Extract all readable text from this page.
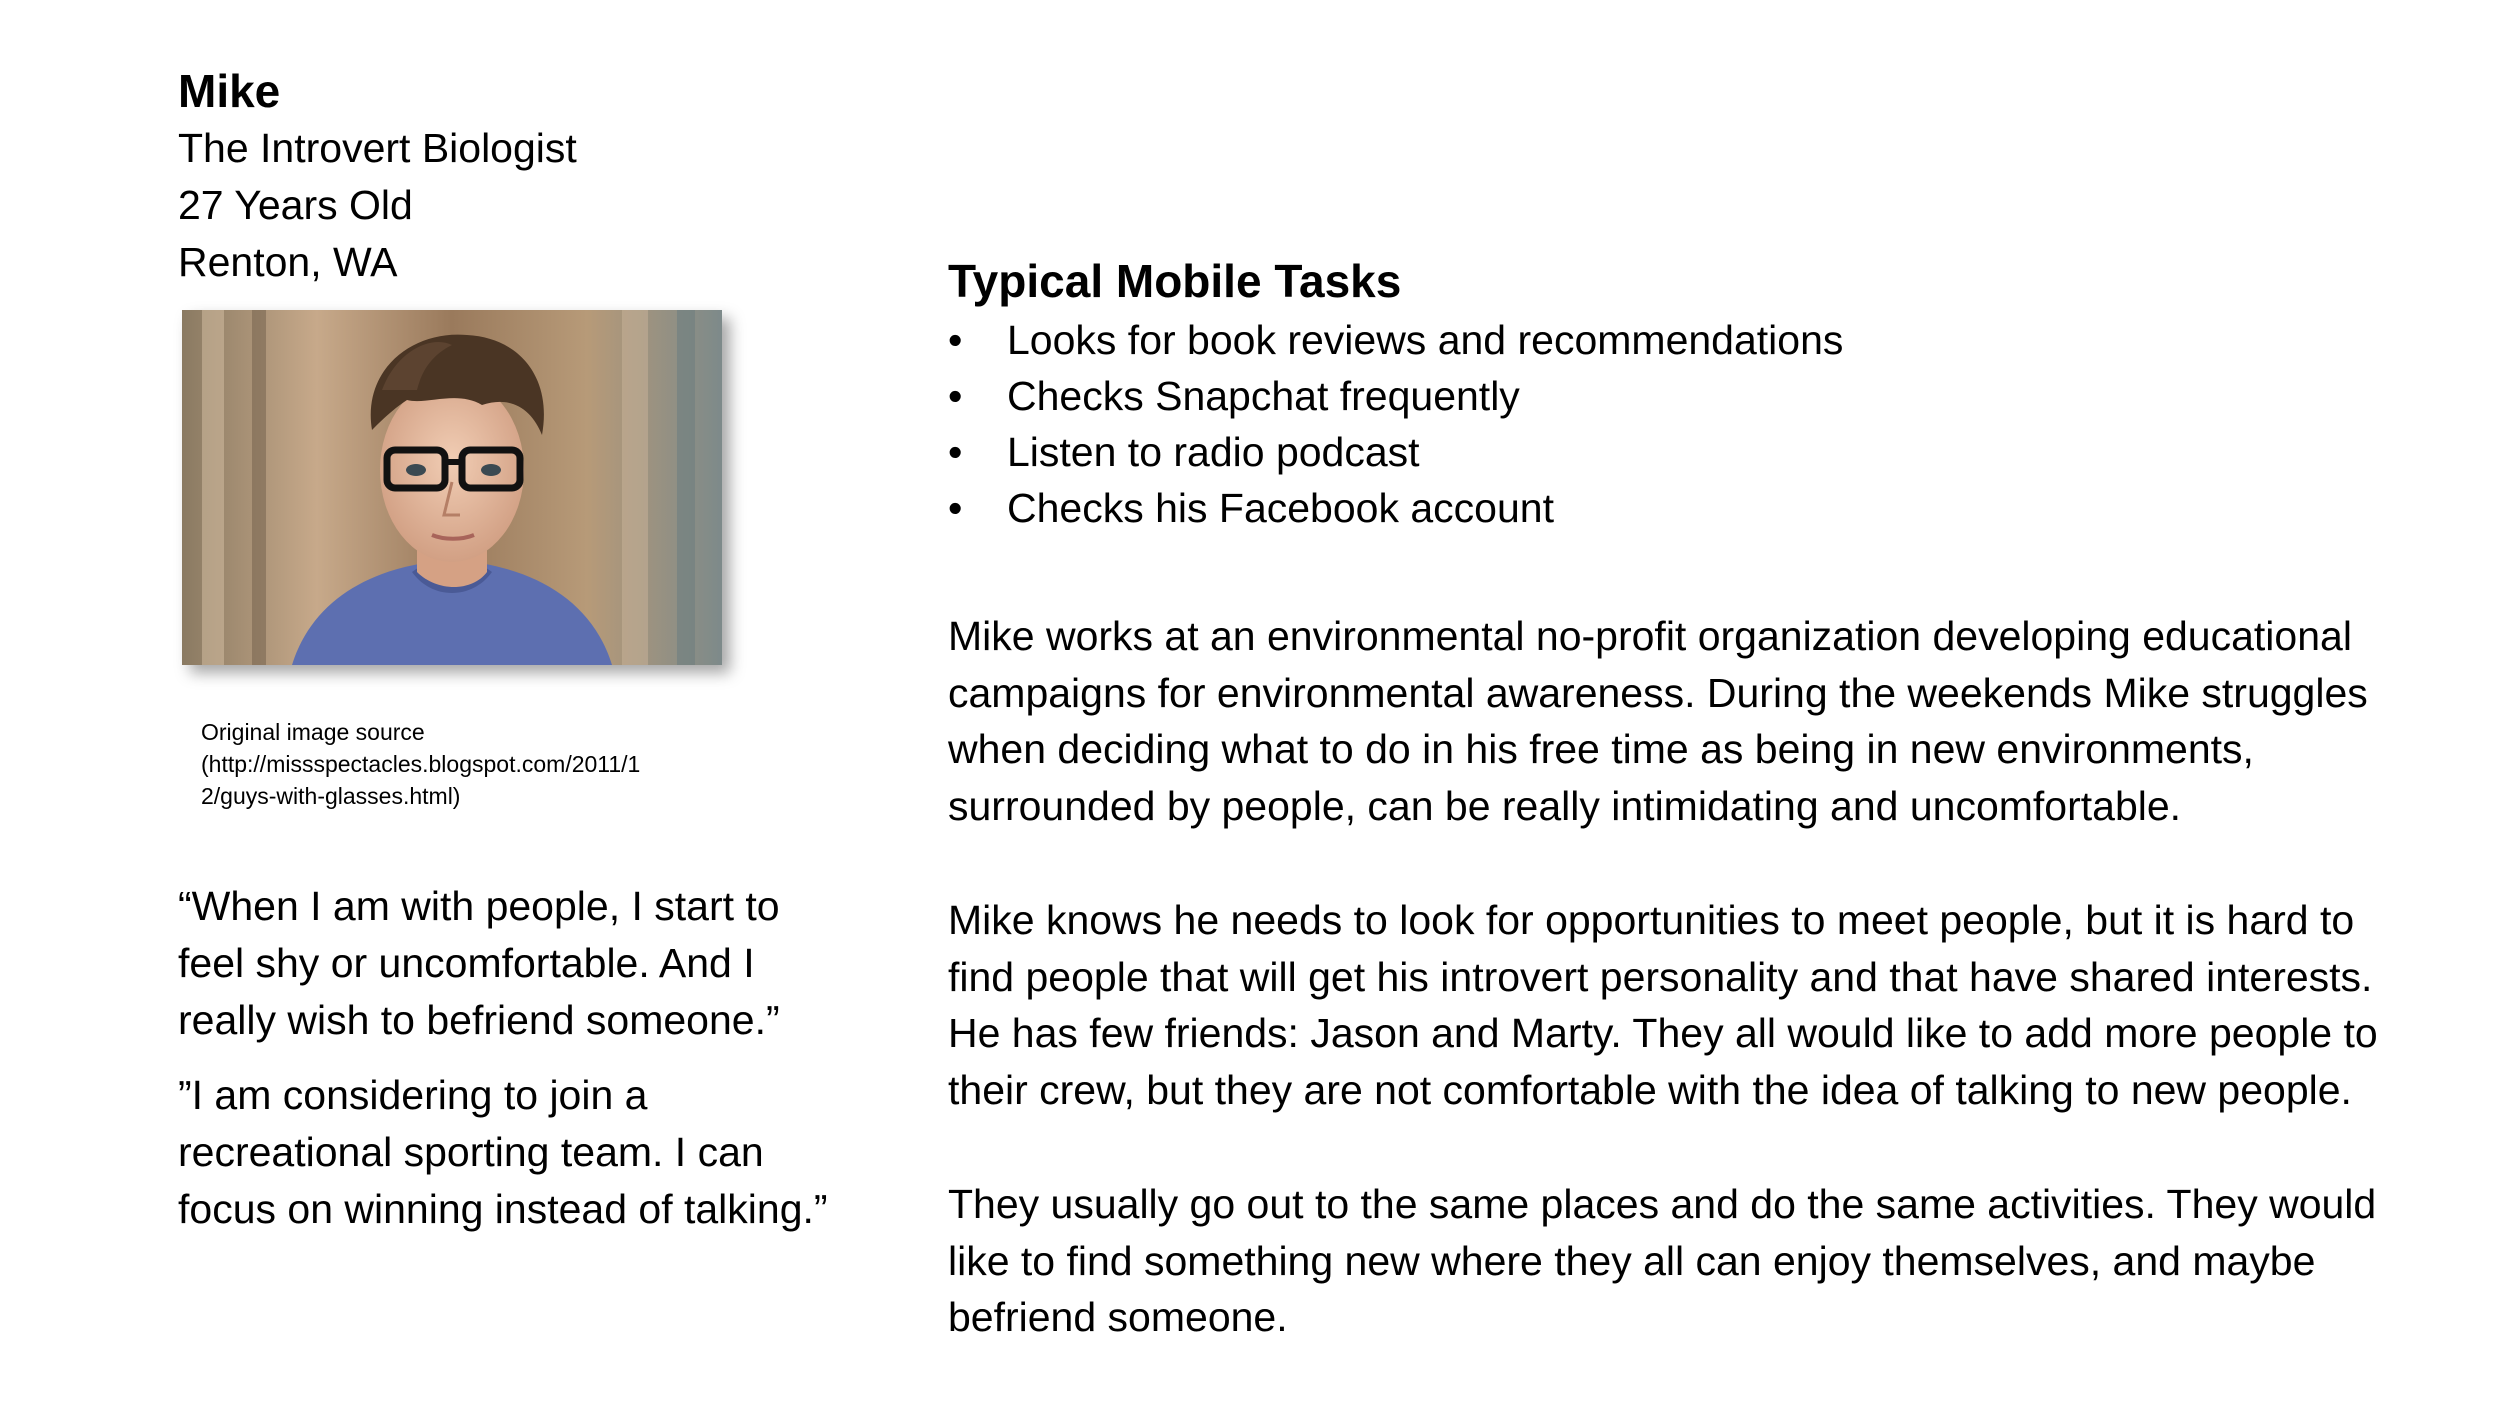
Mike

The Introvert Biologist

27 Years Old

Renton, WA

Original image source
(http://missspectacles.blogspot.com/2011/1
2/guys-with-glasses.html)

“When I am with people, I start to feel shy or uncomfortable. And I really wish to befriend someone.”

”I am considering to join a recreational sporting team. I can focus on winning instead of talking.”

Typical Mobile Tasks

• Looks for book reviews and recommendations
• Checks Snapchat frequently
• Listen to radio podcast
• Checks his Facebook account

Mike works at an environmental no-profit organization developing educational
campaigns for environmental awareness. During the weekends Mike struggles
when deciding what to do in his free time as being in new environments,
surrounded by people, can be really intimidating and uncomfortable.

Mike knows he needs to look for opportunities to meet people, but it is hard to
find people that will get his introvert personality and that have shared interests.
He has few friends: Jason and Marty. They all would like to add more people to
their crew, but they are not comfortable with the idea of talking to new people.

They usually go out to the same places and do the same activities. They would
like to find something new where they all can enjoy themselves, and maybe
befriend someone.
